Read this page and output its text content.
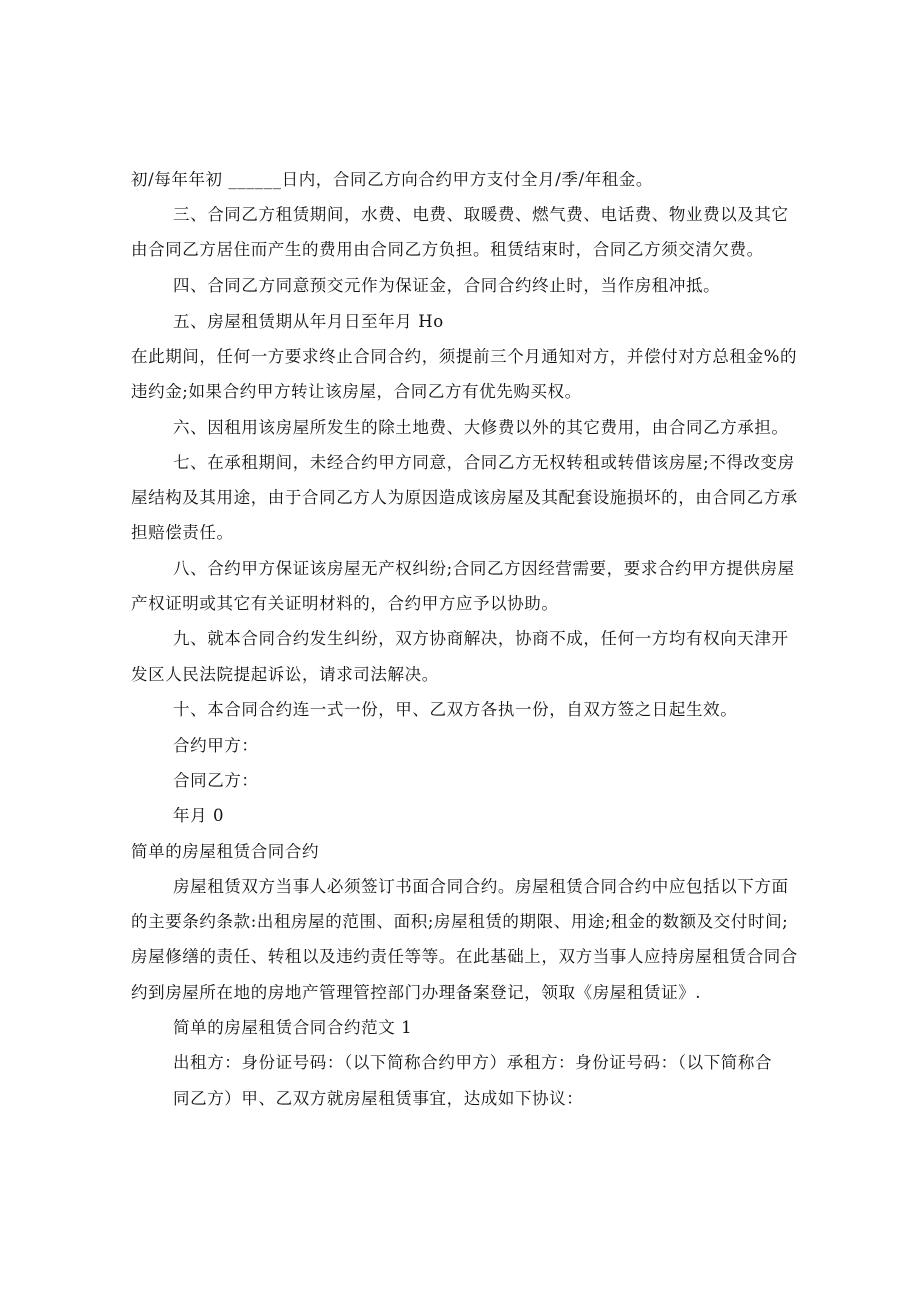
初/每年年初 ______日内，合同乙方向合约甲方支付全月/季/年租金。
三、合同乙方租赁期间，水费、电费、取暖费、燃气费、电话费、物业费以及其它
由合同乙方居住而产生的费用由合同乙方负担。租赁结束时，合同乙方须交清欠费。
四、合同乙方同意预交元作为保证金，合同合约终止时，当作房租冲抵。
五、房屋租赁期从年月日至年月 Ho
在此期间，任何一方要求终止合同合约，须提前三个月通知对方，并偿付对方总租金%的
违约金;如果合约甲方转让该房屋，合同乙方有优先购买权。
六、因租用该房屋所发生的除土地费、大修费以外的其它费用，由合同乙方承担。
七、在承租期间，未经合约甲方同意，合同乙方无权转租或转借该房屋;不得改变房
屋结构及其用途，由于合同乙方人为原因造成该房屋及其配套设施损坏的，由合同乙方承
担赔偿责任。
八、合约甲方保证该房屋无产权纠纷;合同乙方因经营需要，要求合约甲方提供房屋
产权证明或其它有关证明材料的，合约甲方应予以协助。
九、就本合同合约发生纠纷，双方协商解决，协商不成，任何一方均有权向天津开
发区人民法院提起诉讼，请求司法解决。
十、本合同合约连一式一份，甲、乙双方各执一份，自双方签之日起生效。
合约甲方：
合同乙方：
年月 0
简单的房屋租赁合同合约
房屋租赁双方当事人必须签订书面合同合约。房屋租赁合同合约中应包括以下方面
的主要条约条款:出租房屋的范围、面积;房屋租赁的期限、用途;租金的数额及交付时间;
房屋修缮的责任、转租以及违约责任等等。在此基础上，双方当事人应持房屋租赁合同合
约到房屋所在地的房地产管理管控部门办理备案登记，领取《房屋租赁证》.
简单的房屋租赁合同合约范文 1
出租方：身份证号码：（以下简称合约甲方）承租方：身份证号码：（以下简称合
同乙方）甲、乙双方就房屋租赁事宜，达成如下协议：
